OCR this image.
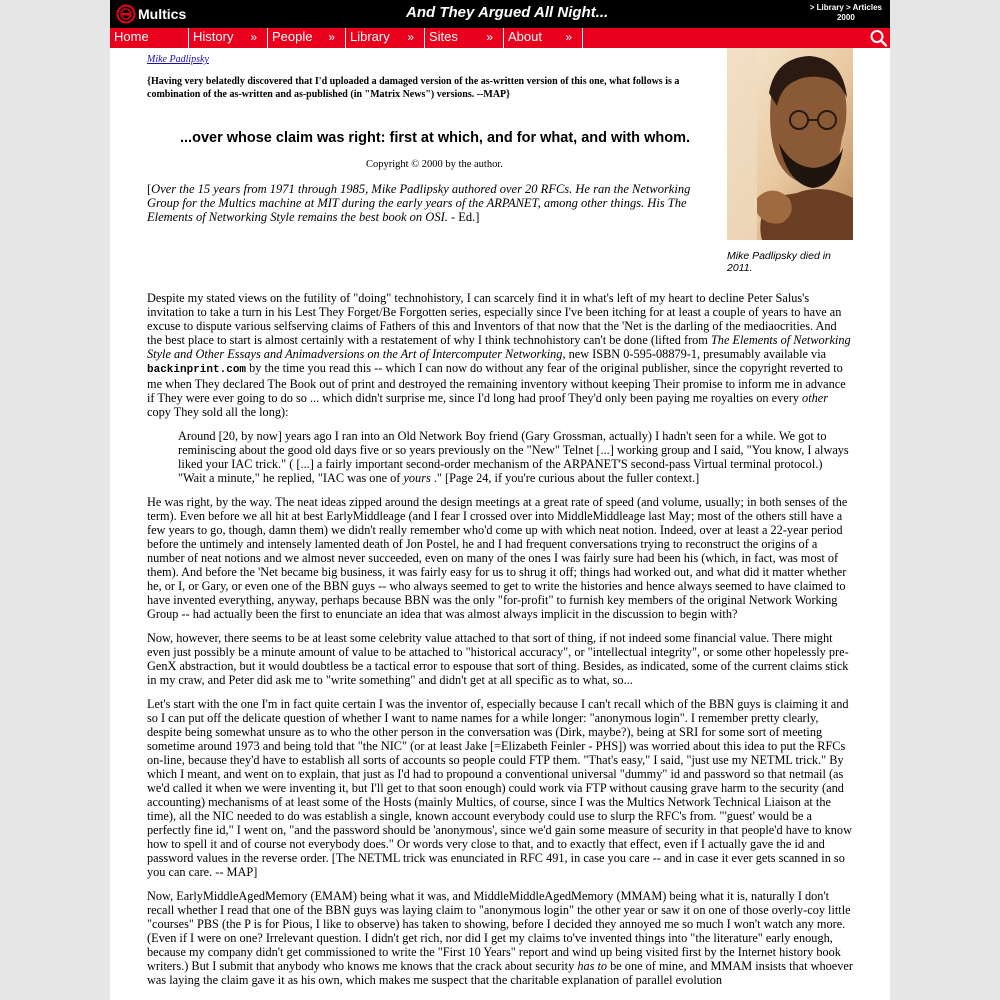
Multics	And They Argued All Night...	> Library > Articles
2000
Home	History »	People »	Library »	Sites »	About »
Mike Padlipsky
{Having very belatedly discovered that I'd uploaded a damaged version of the as-written version of this one, what follows is a combination of the as-written and as-published (in "Matrix News") versions. --MAP}
...over whose claim was right: first at which, and for what, and with whom.
Copyright © 2000 by the author.
[Over the 15 years from 1971 through 1985, Mike Padlipsky authored over 20 RFCs. He ran the Networking Group for the Multics machine at MIT during the early years of the ARPANET, among other things. His The Elements of Networking Style remains the best book on OSI. - Ed.]
Mike Padlipsky died in 2011.

Despite my stated views on the futility of "doing" technohistory, I can scarcely find it in what's left of my heart to decline Peter Salus's invitation to take a turn in his Lest They Forget/Be Forgotten series, especially since I've been itching for at least a couple of years to have an excuse to dispute various selfserving claims of Fathers of this and Inventors of that now that the 'Net is the darling of the mediaocrities. And the best place to start is almost certainly with a restatement of why I think technohistory can't be done (lifted from The Elements of Networking Style and Other Essays and Animadversions on the Art of Intercomputer Networking, new ISBN 0-595-08879-1, presumably available via backinprint.com by the time you read this -- which I can now do without any fear of the original publisher, since the copyright reverted to me when They declared The Book out of print and destroyed the remaining inventory without keeping Their promise to inform me in advance if They were ever going to do so ... which didn't surprise me, since I'd long had proof They'd only been paying me royalties on every other copy They sold all the long):

Around [20, by now] years ago I ran into an Old Network Boy friend (Gary Grossman, actually) I hadn't seen for a while. We got to reminiscing about the good old days five or so years previously on the "New" Telnet [...] working group and I said, "You know, I always liked your IAC trick." ( [...] a fairly important second-order mechanism of the ARPANET'S second-pass Virtual terminal protocol.) "Wait a minute," he replied, "IAC was one of yours ." [Page 24, if you're curious about the fuller context.]

He was right, by the way. The neat ideas zipped around the design meetings at a great rate of speed (and volume, usually; in both senses of the term). Even before we all hit at best EarlyMiddleage (and I fear I crossed over into MiddleMiddleage last May; most of the others still have a few years to go, though, damn them) we didn't really remember who'd come up with which neat notion. Indeed, over at least a 22-year period before the untimely and intensely lamented death of Jon Postel, he and I had frequent conversations trying to reconstruct the origins of a number of neat notions and we almost never succeeded, even on many of the ones I was fairly sure had been his (which, in fact, was most of them). And before the 'Net became big business, it was fairly easy for us to shrug it off; things had worked out, and what did it matter whether he, or I, or Gary, or even one of the BBN guys -- who always seemed to get to write the histories and hence always seemed to have claimed to have invented everything, anyway, perhaps because BBN was the only "for-profit" to furnish key members of the original Network Working Group -- had actually been the first to enunciate an idea that was almost always implicit in the discussion to begin with?

Now, however, there seems to be at least some celebrity value attached to that sort of thing, if not indeed some financial value. There might even just possibly be a minute amount of value to be attached to "historical accuracy", or "intellectual integrity", or some other hopelessly pre-GenX abstraction, but it would doubtless be a tactical error to espouse that sort of thing. Besides, as indicated, some of the current claims stick in my craw, and Peter did ask me to "write something" and didn't get at all specific as to what, so...

Let's start with the one I'm in fact quite certain I was the inventor of, especially because I can't recall which of the BBN guys is claiming it and so I can put off the delicate question of whether I want to name names for a while longer: "anonymous login". I remember pretty clearly, despite being somewhat unsure as to who the other person in the conversation was (Dirk, maybe?), being at SRI for some sort of meeting sometime around 1973 and being told that "the NIC" (or at least Jake [=Elizabeth Feinler - PHS]) was worried about this idea to put the RFCs on-line, because they'd have to establish all sorts of accounts so people could FTP them. "That's easy," I said, "just use my NETML trick." By which I meant, and went on to explain, that just as I'd had to propound a conventional universal "dummy" id and password so that netmail (as we'd called it when we were inventing it, but I'll get to that soon enough) could work via FTP without causing grave harm to the security (and accounting) mechanisms of at least some of the Hosts (mainly Multics, of course, since I was the Multics Network Technical Liaison at the time), all the NIC needed to do was establish a single, known account everybody could use to slurp the RFC's from. "'guest' would be a perfectly fine id," I went on, "and the password should be 'anonymous', since we'd gain some measure of security in that people'd have to know how to spell it and of course not everybody does." Or words very close to that, and to exactly that effect, even if I actually gave the id and password values in the reverse order. [The NETML trick was enunciated in RFC 491, in case you care -- and in case it ever gets scanned in so you can care. -- MAP]

Now, EarlyMiddleAgedMemory (EMAM) being what it was, and MiddleMiddleAgedMemory (MMAM) being what it is, naturally I don't recall whether I read that one of the BBN guys was laying claim to "anonymous login" the other year or saw it on one of those overly-coy little "courses" PBS (the P is for Pious, I like to observe) has taken to showing, before I decided they annoyed me so much I won't watch any more. (Even if I were on one? Irrelevant question. I didn't get rich, nor did I get my claims to've invented things into "the literature" early enough, because my company didn't get commissioned to write the "First 10 Years" report and wind up being visited first by the Internet history book writers.) But I submit that anybody who knows me knows that the crack about security has to be one of mine, and MMAM insists that whoever was laying the claim gave it as his own, which makes me suspect that the charitable explanation of parallel evolution
